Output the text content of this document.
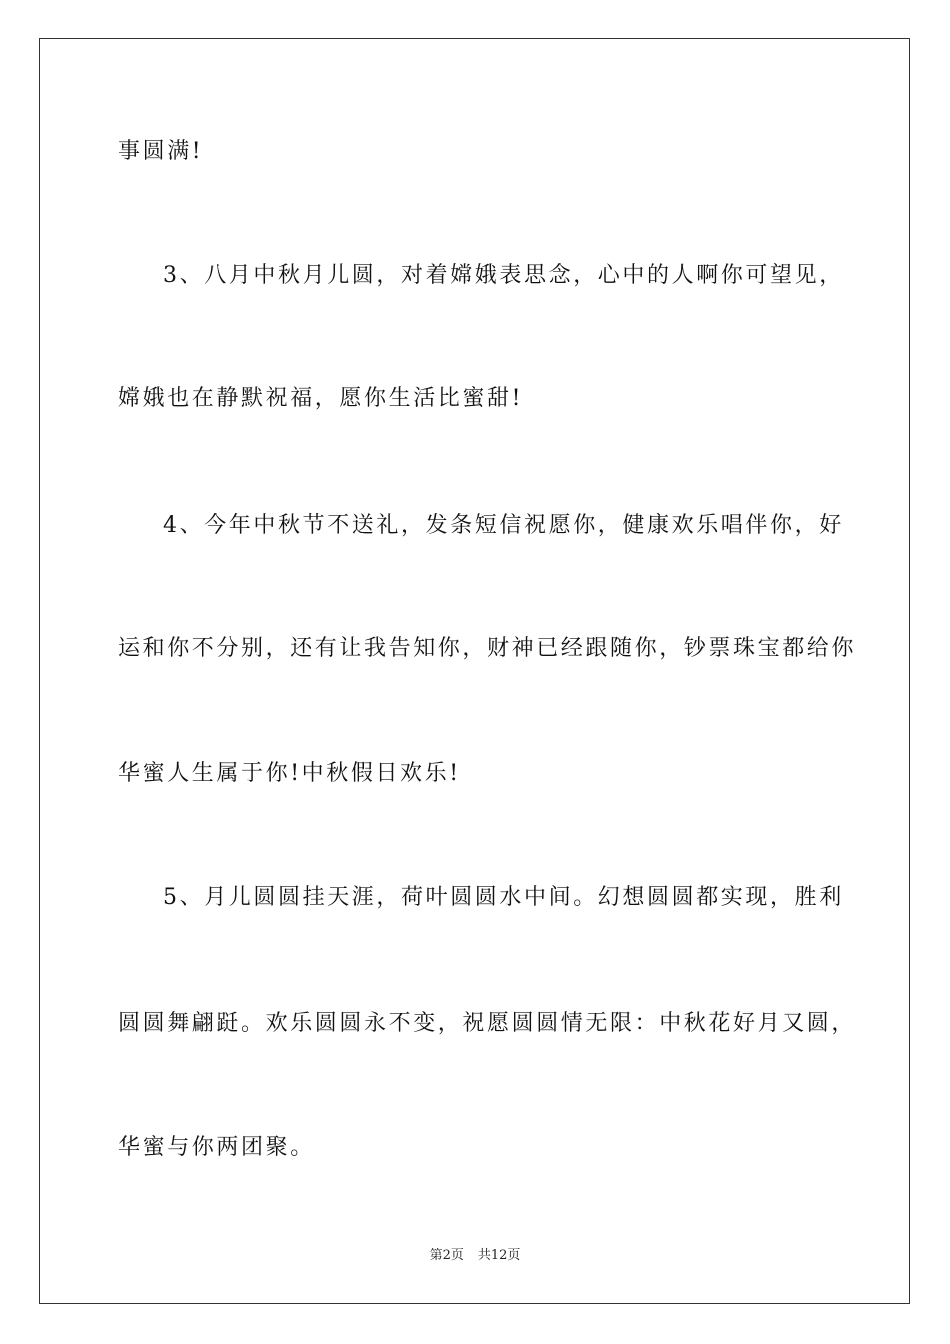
事圆满!
3、八月中秋月儿圆，对着嫦娥表思念，心中的人啊你可望见，
嫦娥也在静默祝福，愿你生活比蜜甜!
4、今年中秋节不送礼，发条短信祝愿你，健康欢乐唱伴你，好
运和你不分别，还有让我告知你，财神已经跟随你，钞票珠宝都给你
华蜜人生属于你!中秋假日欢乐!
5、月儿圆圆挂天涯，荷叶圆圆水中间。幻想圆圆都实现，胜利
圆圆舞翩跹。欢乐圆圆永不变，祝愿圆圆情无限：中秋花好月又圆，
华蜜与你两团聚。
第2页 共12页
